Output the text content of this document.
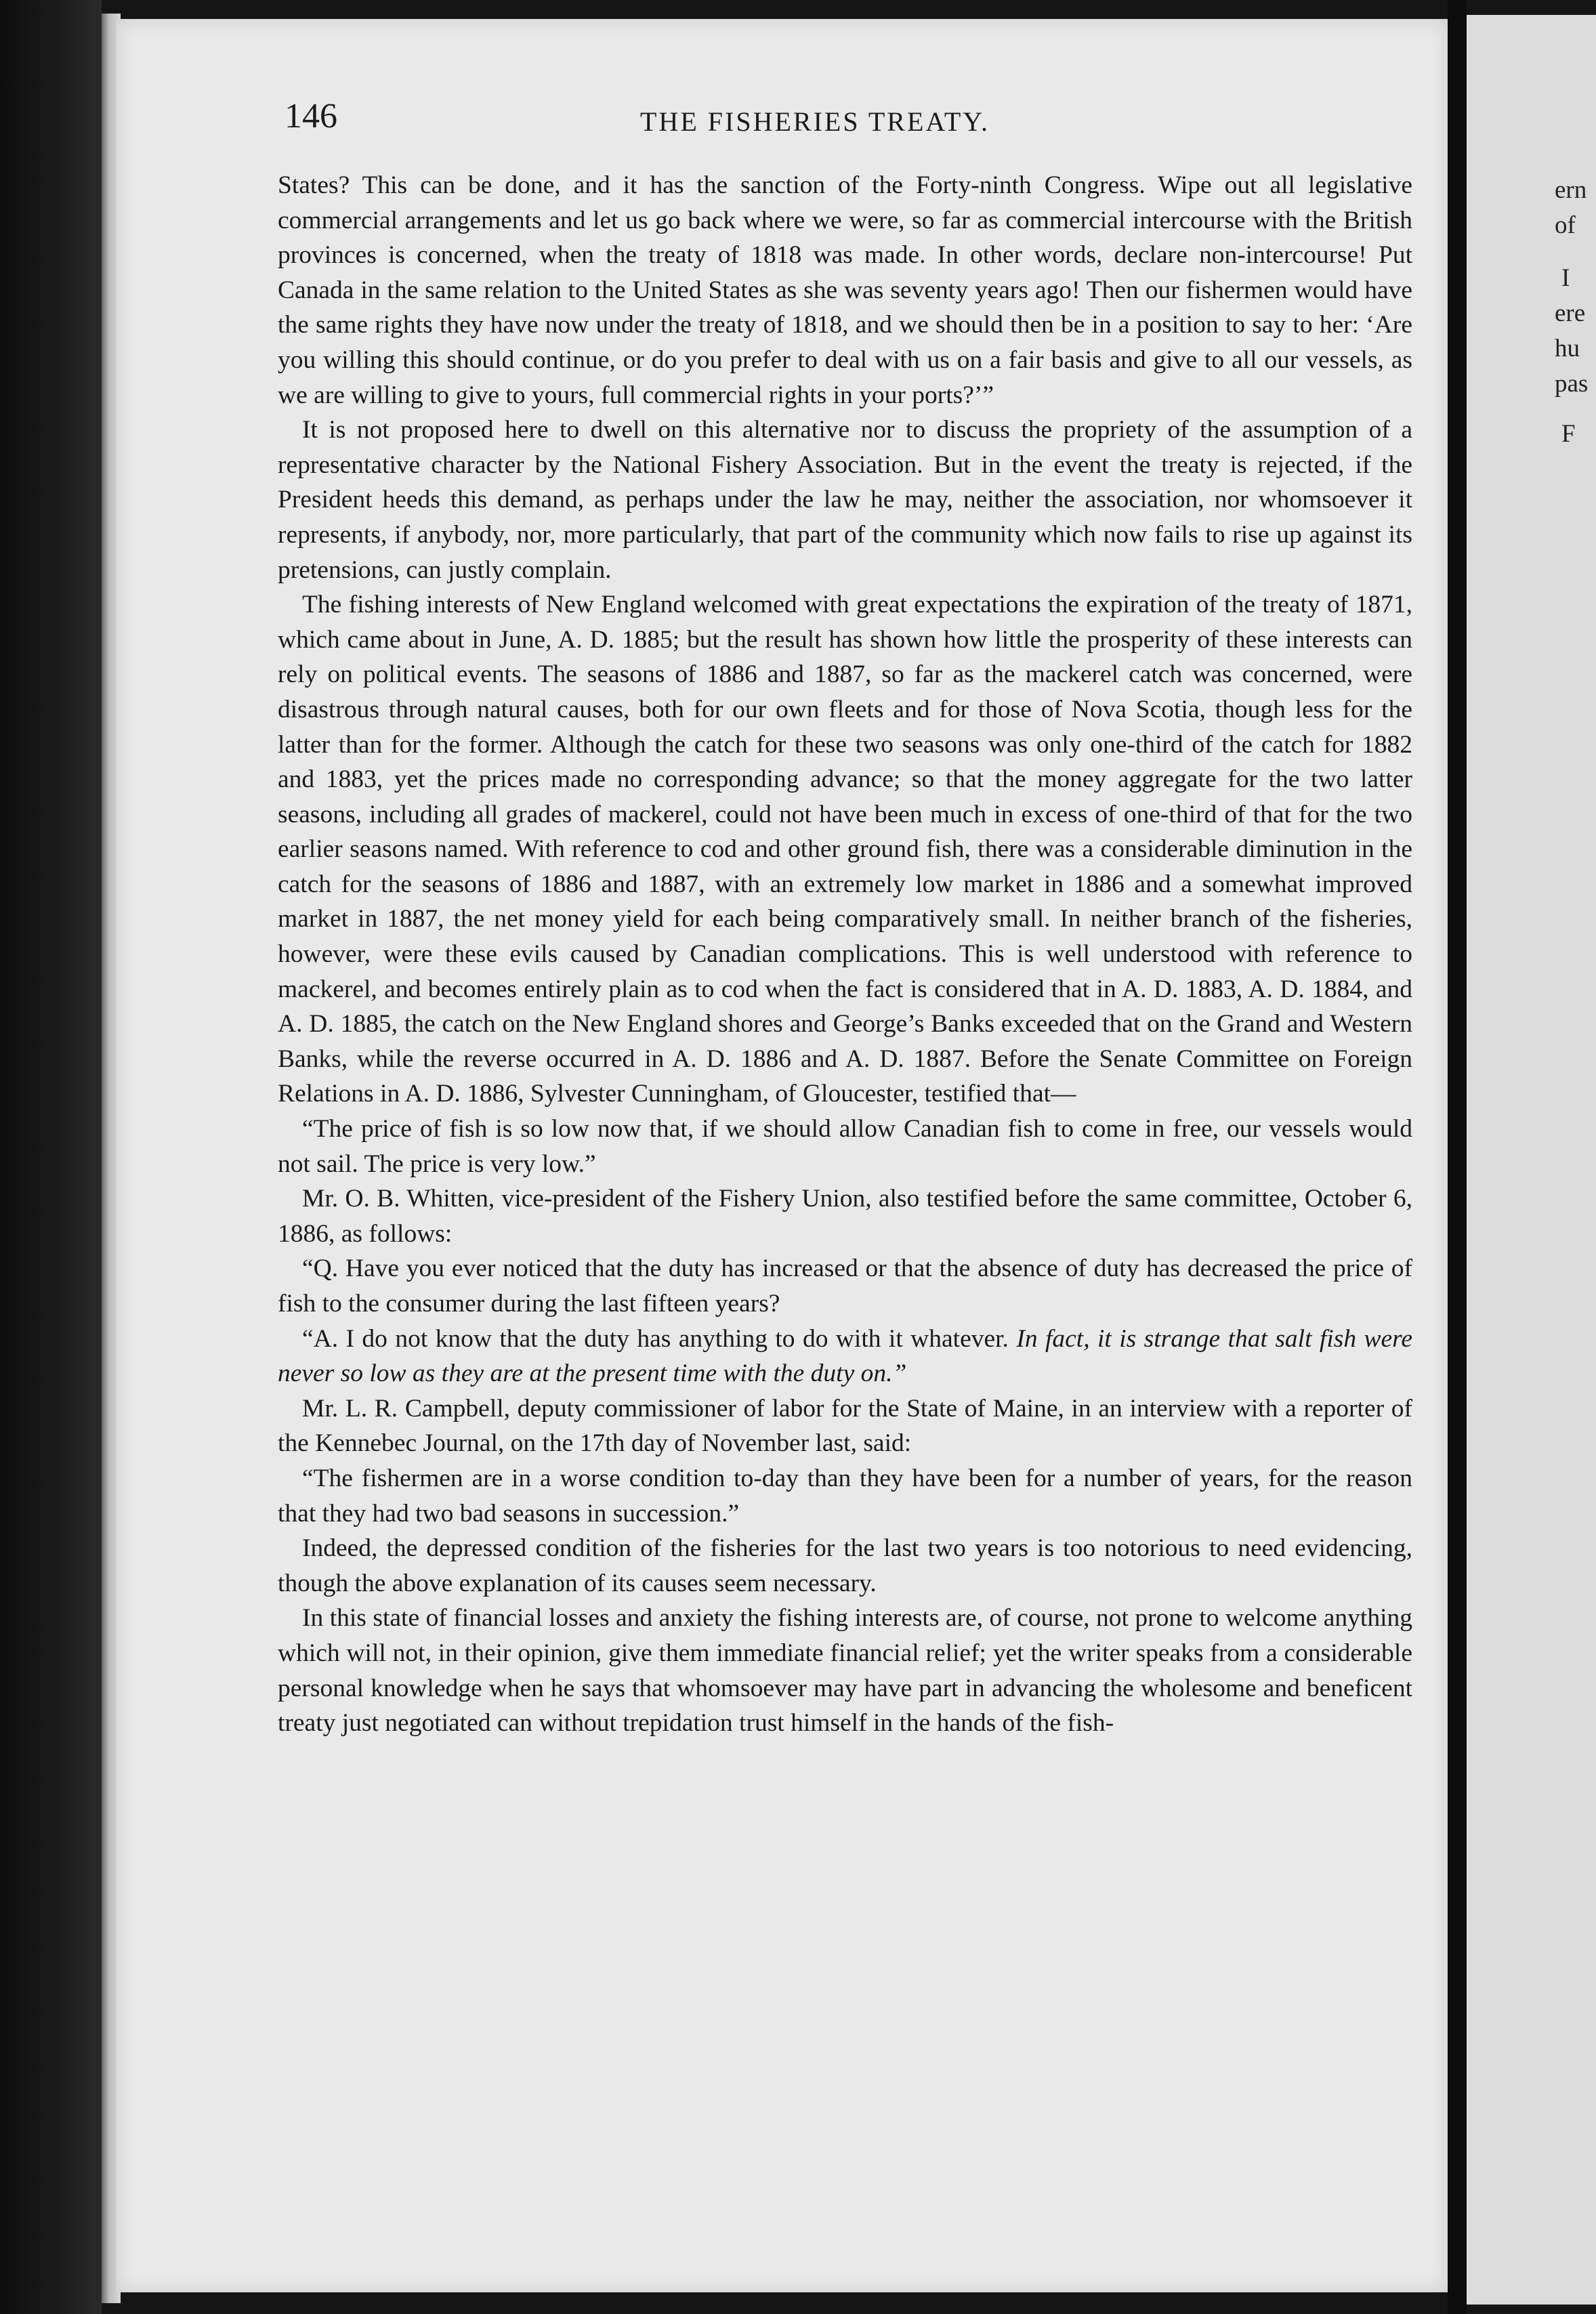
ern
of
I
ere
hu
pas
F
146	THE FISHERIES TREATY.

States? This can be done, and it has the sanction of the Forty-ninth Congress. Wipe out all legislative commercial arrangements and let us go back where we were, so far as commercial intercourse with the British provinces is concerned, when the treaty of 1818 was made. In other words, declare non-intercourse! Put Canada in the same relation to the United States as she was seventy years ago! Then our fishermen would have the same rights they have now under the treaty of 1818, and we should then be in a position to say to her: ‘Are you willing this should continue, or do you prefer to deal with us on a fair basis and give to all our vessels, as we are willing to give to yours, full commercial rights in your ports?’”

It is not proposed here to dwell on this alternative nor to discuss the propriety of the assumption of a representative character by the National Fishery Association. But in the event the treaty is rejected, if the President heeds this demand, as perhaps under the law he may, neither the association, nor whomsoever it represents, if anybody, nor, more particularly, that part of the community which now fails to rise up against its pretensions, can justly complain.

The fishing interests of New England welcomed with great expectations the expiration of the treaty of 1871, which came about in June, A. D. 1885; but the result has shown how little the prosperity of these interests can rely on political events. The seasons of 1886 and 1887, so far as the mackerel catch was concerned, were disastrous through natural causes, both for our own fleets and for those of Nova Scotia, though less for the latter than for the former. Although the catch for these two seasons was only one-third of the catch for 1882 and 1883, yet the prices made no corresponding advance; so that the money aggregate for the two latter seasons, including all grades of mackerel, could not have been much in excess of one-third of that for the two earlier seasons named. With reference to cod and other ground fish, there was a considerable diminution in the catch for the seasons of 1886 and 1887, with an extremely low market in 1886 and a somewhat improved market in 1887, the net money yield for each being comparatively small. In neither branch of the fisheries, however, were these evils caused by Canadian complications. This is well understood with reference to mackerel, and becomes entirely plain as to cod when the fact is considered that in A. D. 1883, A. D. 1884, and A. D. 1885, the catch on the New England shores and George’s Banks exceeded that on the Grand and Western Banks, while the reverse occurred in A. D. 1886 and A. D. 1887. Before the Senate Committee on Foreign Relations in A. D. 1886, Sylvester Cunningham, of Gloucester, testified that—

“The price of fish is so low now that, if we should allow Canadian fish to come in free, our vessels would not sail. The price is very low.”

Mr. O. B. Whitten, vice-president of the Fishery Union, also testified before the same committee, October 6, 1886, as follows:

“Q. Have you ever noticed that the duty has increased or that the absence of duty has decreased the price of fish to the consumer during the last fifteen years?

“A. I do not know that the duty has anything to do with it whatever. In fact, it is strange that salt fish were never so low as they are at the present time with the duty on.”

Mr. L. R. Campbell, deputy commissioner of labor for the State of Maine, in an interview with a reporter of the Kennebec Journal, on the 17th day of November last, said:

“The fishermen are in a worse condition to-day than they have been for a number of years, for the reason that they had two bad seasons in succession.”

Indeed, the depressed condition of the fisheries for the last two years is too notorious to need evidencing, though the above explanation of its causes seem necessary.

In this state of financial losses and anxiety the fishing interests are, of course, not prone to welcome anything which will not, in their opinion, give them immediate financial relief; yet the writer speaks from a considerable personal knowledge when he says that whomsoever may have part in advancing the wholesome and beneficent treaty just negotiated can without trepidation trust himself in the hands of the fish-
